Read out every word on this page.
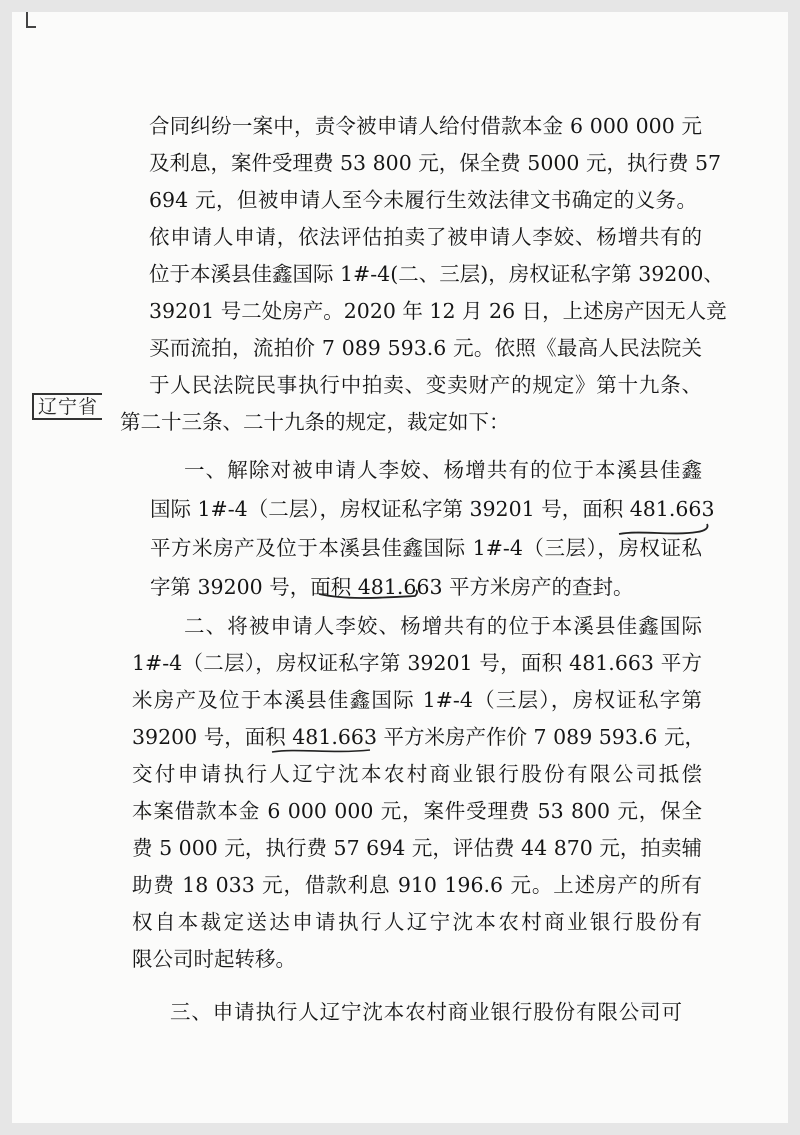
辽宁省
合同纠纷一案中，责令被申请人给付借款本金 6 000 000 元
及利息，案件受理费 53 800 元，保全费 5000 元，执行费 57
694 元，但被申请人至今未履行生效法律文书确定的义务。
依申请人申请，依法评估拍卖了被申请人李姣、杨增共有的
位于本溪县佳鑫国际 1#-4(二、三层)，房权证私字第 39200、
39201 号二处房产。2020 年 12 月 26 日，上述房产因无人竞
买而流拍，流拍价 7 089 593.6 元。依照《最高人民法院关
于人民法院民事执行中拍卖、变卖财产的规定》第十九条、
第二十三条、二十九条的规定，裁定如下：
一、解除对被申请人李姣、杨增共有的位于本溪县佳鑫
国际 1#-4（二层），房权证私字第 39201 号，面积 481.663
平方米房产及位于本溪县佳鑫国际 1#-4（三层），房权证私
字第 39200 号，面积 481.663 平方米房产的查封。
二、将被申请人李姣、杨增共有的位于本溪县佳鑫国际
1#-4（二层），房权证私字第 39201 号，面积 481.663 平方
米房产及位于本溪县佳鑫国际 1#-4（三层），房权证私字第
39200 号，面积 481.663 平方米房产作价 7 089 593.6 元，
交付申请执行人辽宁沈本农村商业银行股份有限公司抵偿
本案借款本金 6 000 000 元，案件受理费 53 800 元，保全
费 5 000 元，执行费 57 694 元，评估费 44 870 元，拍卖辅
助费 18 033 元，借款利息 910 196.6 元。上述房产的所有
权自本裁定送达申请执行人辽宁沈本农村商业银行股份有
限公司时起转移。
三、申请执行人辽宁沈本农村商业银行股份有限公司可
